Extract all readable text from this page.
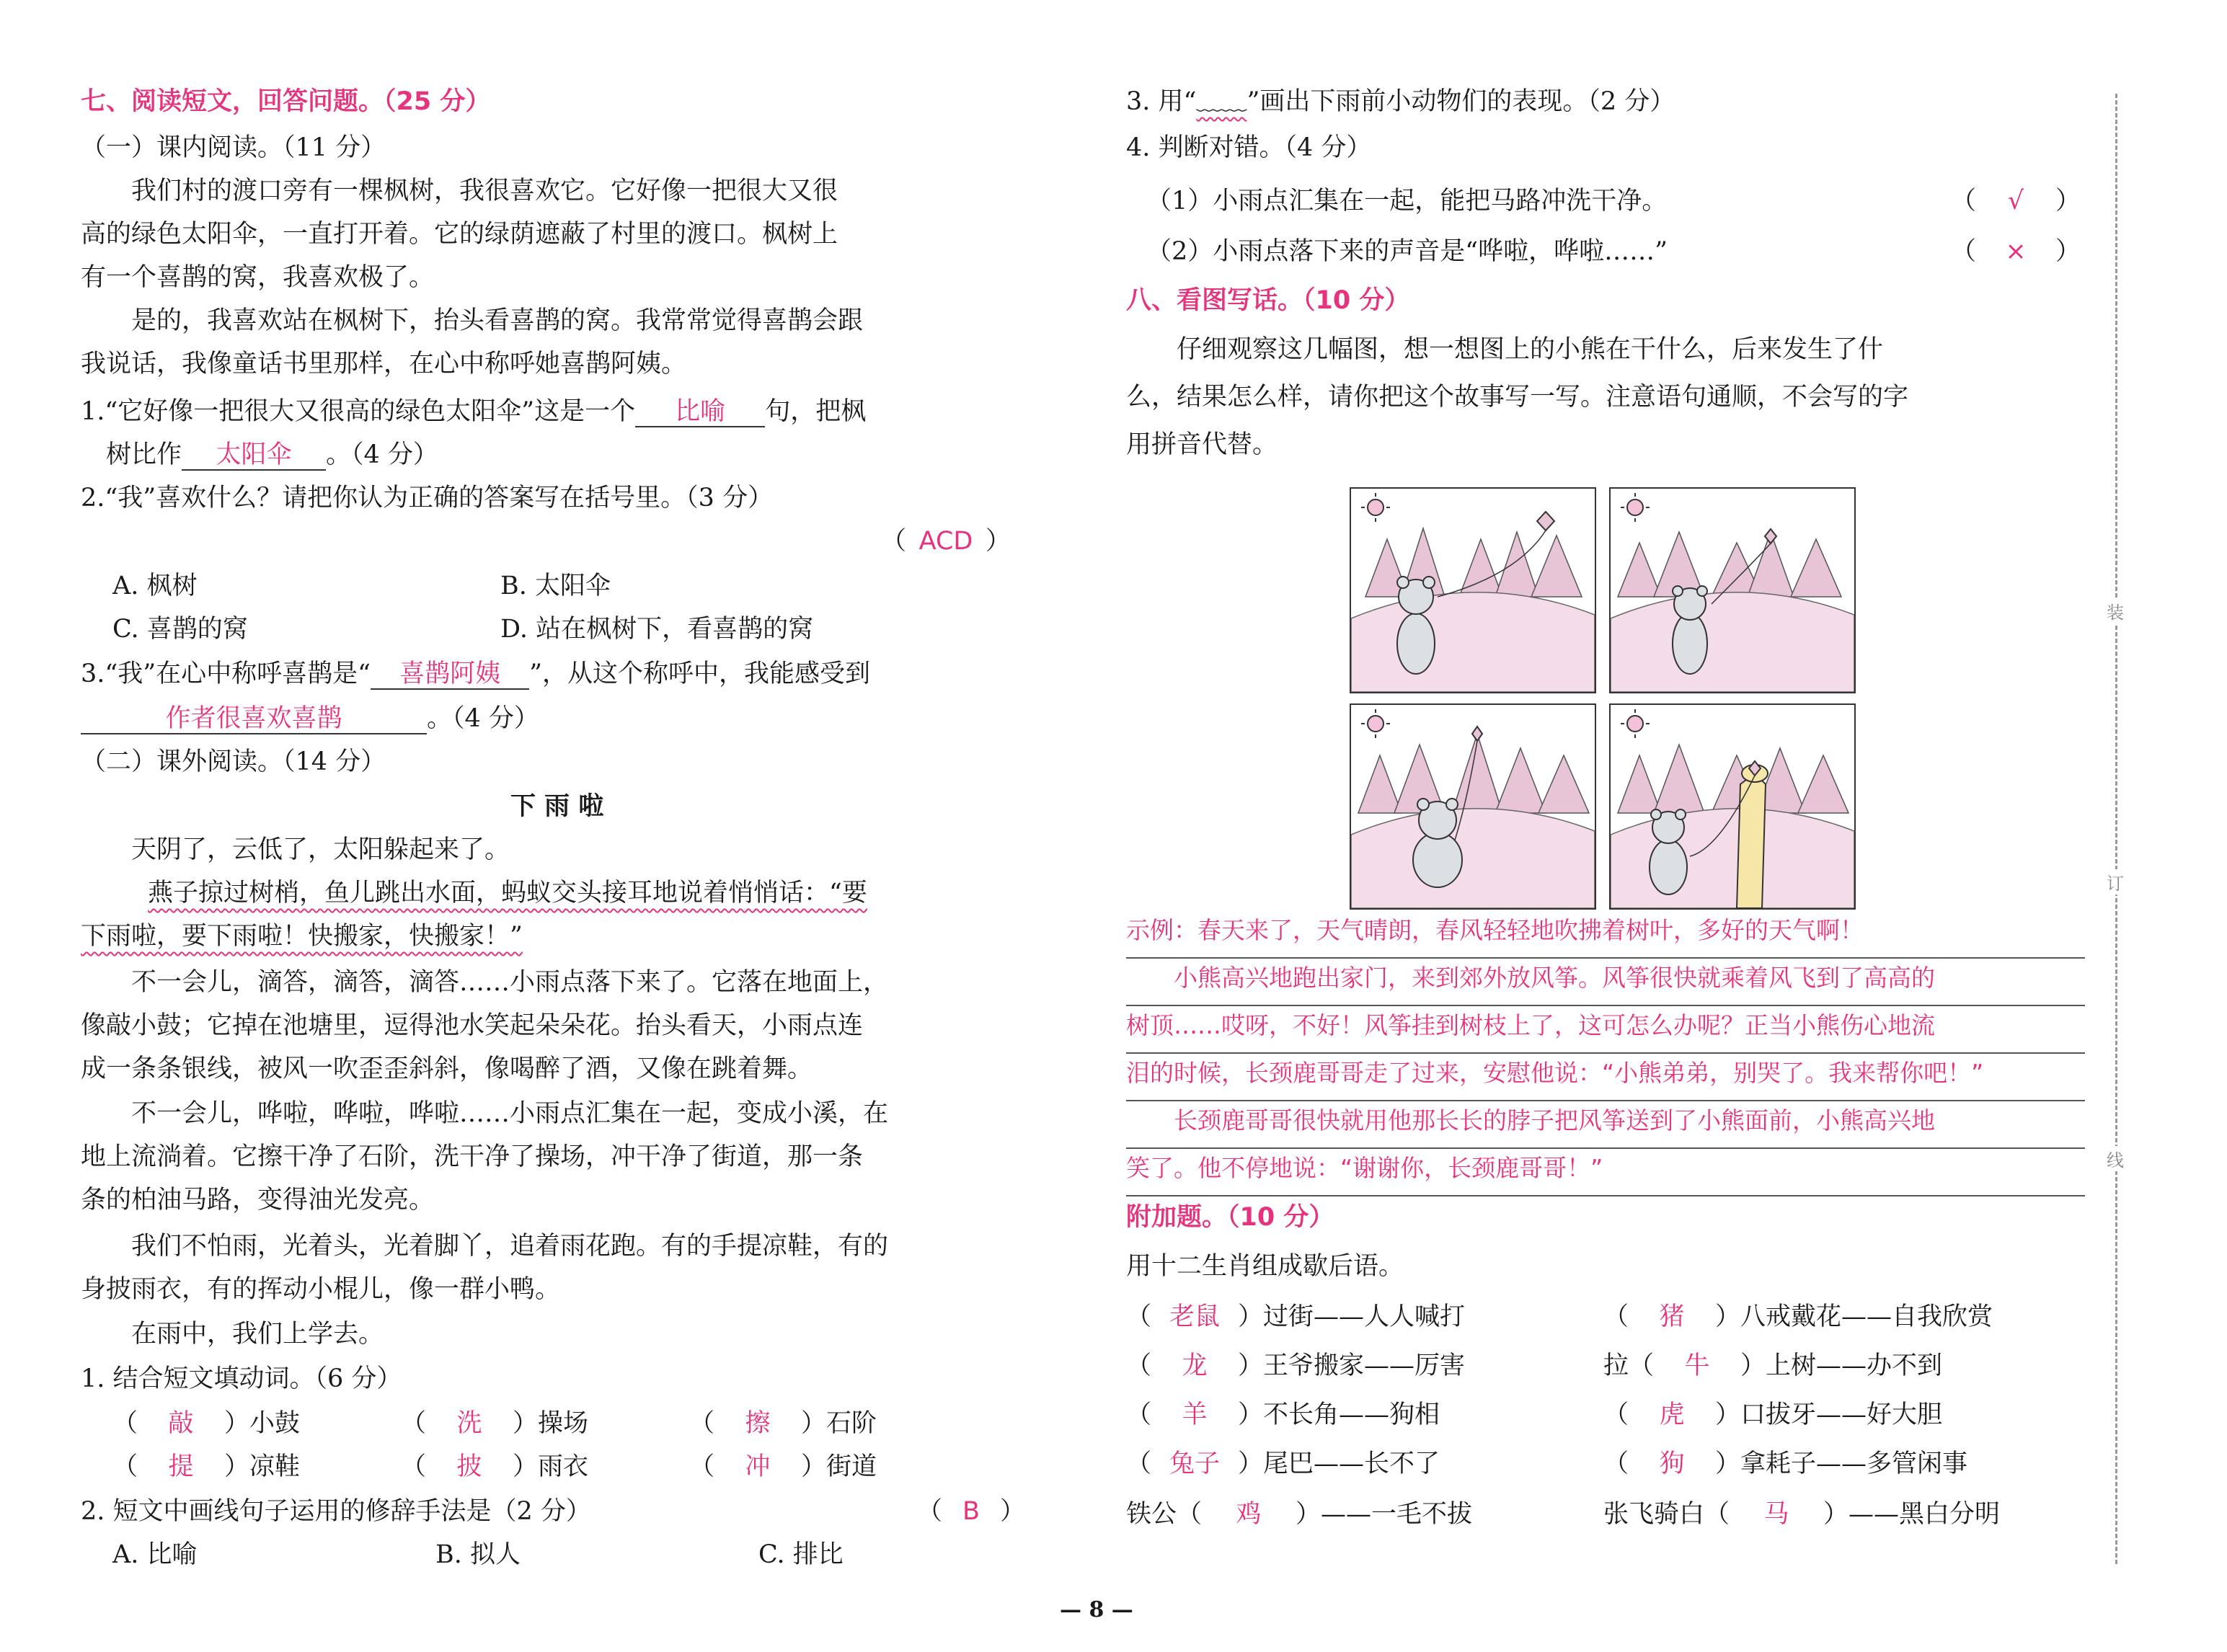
七、阅读短文，回答问题。（25 分）
（一）课内阅读。（11 分）
　　我们村的渡口旁有一棵枫树，我很喜欢它。它好像一把很大又很
高的绿色太阳伞，一直打开着。它的绿荫遮蔽了村里的渡口。枫树上
有一个喜鹊的窝，我喜欢极了。
　　是的，我喜欢站在枫树下，抬头看喜鹊的窝。我常常觉得喜鹊会跟
我说话，我像童话书里那样，在心中称呼她喜鹊阿姨。
1.“它好像一把很大又很高的绿色太阳伞”这是一个 比喻 句，把枫
　树比作 太阳伞 。（4 分）
2.“我”喜欢什么？请把你认为正确的答案写在括号里。（3 分）
（ ACD ）
A. 枫树	B. 太阳伞
C. 喜鹊的窝	D. 站在枫树下，看喜鹊的窝
3.“我”在心中称呼喜鹊是“ 喜鹊阿姨 ”，从这个称呼中，我能感受到
作者很喜欢喜鹊	。（4 分）
（二）课外阅读。（14 分）
下 雨 啦
　　天阴了，云低了，太阳躲起来了。
燕子掠过树梢，鱼儿跳出水面，蚂蚁交头接耳地说着悄悄话：“要
下雨啦，要下雨啦！快搬家，快搬家！”
　　不一会儿，滴答，滴答，滴答……小雨点落下来了。它落在地面上，
像敲小鼓；它掉在池塘里，逗得池水笑起朵朵花。抬头看天，小雨点连
成一条条银线，被风一吹歪歪斜斜，像喝醉了酒，又像在跳着舞。
　　不一会儿，哗啦，哗啦，哗啦……小雨点汇集在一起，变成小溪，在
地上流淌着。它擦干净了石阶，洗干净了操场，冲干净了街道，那一条
条的柏油马路，变得油光发亮。
　　我们不怕雨，光着头，光着脚丫，追着雨花跑。有的手提凉鞋，有的
身披雨衣，有的挥动小棍儿，像一群小鸭。
　　在雨中，我们上学去。
1. 结合短文填动词。（6 分）
（ 敲 ）小鼓	（ 洗 ）操场	（ 擦 ）石阶
（ 提 ）凉鞋	（ 披 ）雨衣	（ 冲 ）街道
2. 短文中画线句子运用的修辞手法是（2 分）	（ B ）
A. 比喻	B. 拟人	C. 排比
3. 用“﹏﹏”画出下雨前小动物们的表现。（2 分）
4. 判断对错。（4 分）
（1）小雨点汇集在一起，能把马路冲洗干净。	（ √ ）
（2）小雨点落下来的声音是“哗啦，哗啦……”	（ × ）
八、看图写话。（10 分）
　　仔细观察这几幅图，想一想图上的小熊在干什么，后来发生了什
么，结果怎么样，请你把这个故事写一写。注意语句通顺，不会写的字
用拼音代替。
示例：春天来了，天气晴朗，春风轻轻地吹拂着树叶，多好的天气啊！
　　小熊高兴地跑出家门，来到郊外放风筝。风筝很快就乘着风飞到了高高的
树顶……哎呀，不好！风筝挂到树枝上了，这可怎么办呢？正当小熊伤心地流
泪的时候，长颈鹿哥哥走了过来，安慰他说：“小熊弟弟，别哭了。我来帮你吧！”
　　长颈鹿哥哥很快就用他那长长的脖子把风筝送到了小熊面前，小熊高兴地
笑了。他不停地说：“谢谢你，长颈鹿哥哥！”
附加题。（10 分）
用十二生肖组成歇后语。
（ 老鼠 ）过街——人人喊打	（ 猪 ）八戒戴花——自我欣赏
（ 龙 ）王爷搬家——厉害	拉（ 牛 ）上树——办不到
（ 羊 ）不长角——狗相	（ 虎 ）口拔牙——好大胆
（ 兔子 ）尾巴——长不了	（ 狗 ）拿耗子——多管闲事
铁公（ 鸡 ）——一毛不拔	张飞骑白（ 马 ）——黑白分明
装
订
线
— 8 —
